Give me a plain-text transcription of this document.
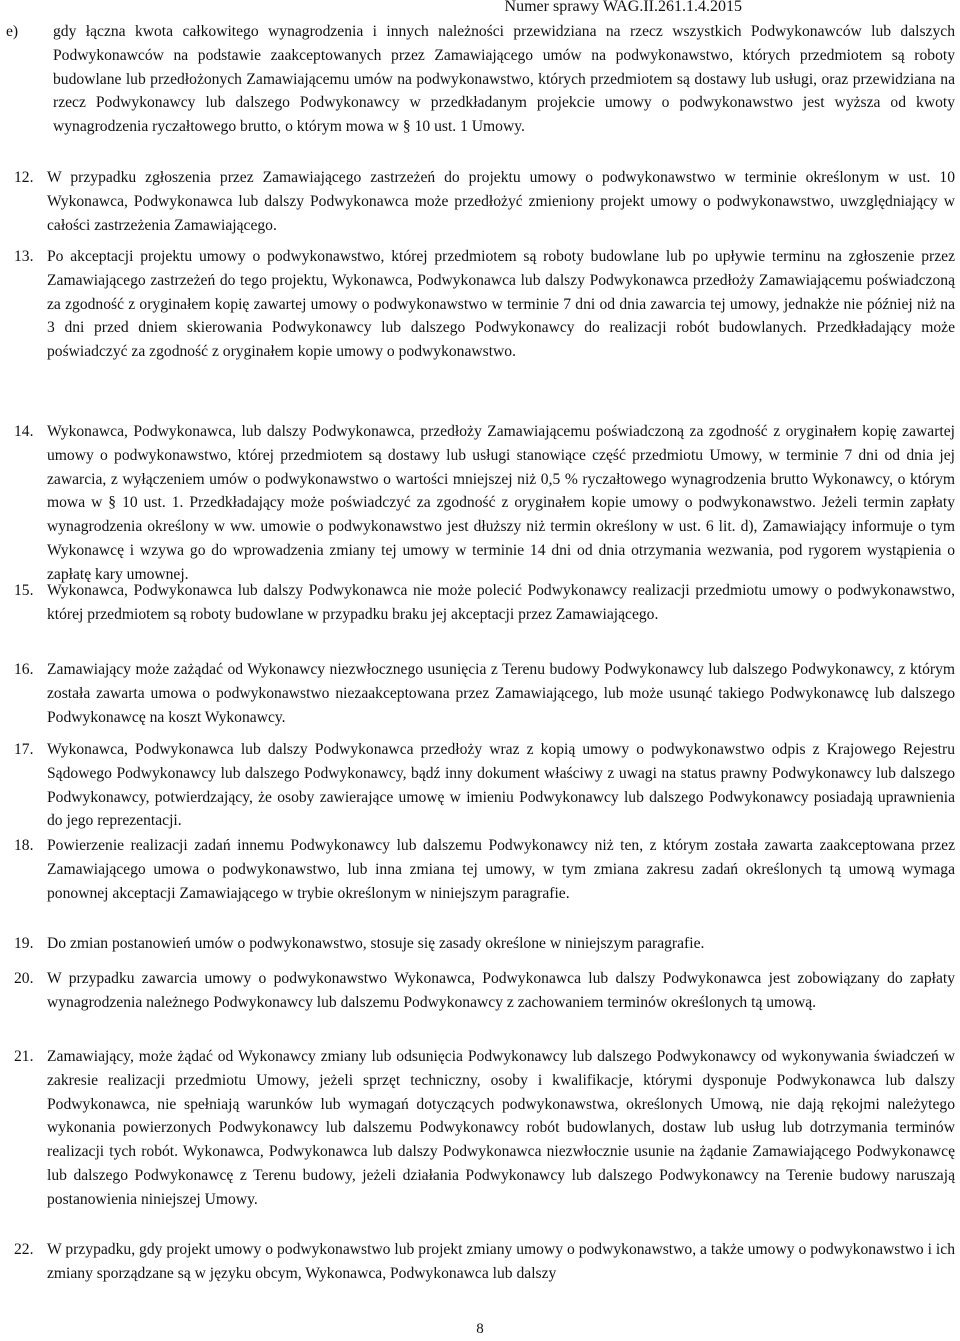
Numer sprawy WAG.II.261.1.4.2015
e) gdy łączna kwota całkowitego wynagrodzenia i innych należności przewidziana na rzecz wszystkich Podwykonawców lub dalszych Podwykonawców na podstawie zaakceptowanych przez Zamawiającego umów na podwykonawstwo, których przedmiotem są roboty budowlane lub przedłożonych Zamawiającemu umów na podwykonawstwo, których przedmiotem są dostawy lub usługi, oraz przewidziana na rzecz Podwykonawcy lub dalszego Podwykonawcy w przedkładanym projekcie umowy o podwykonawstwo jest wyższa od kwoty wynagrodzenia ryczałtowego brutto, o którym mowa w § 10 ust. 1 Umowy.
12. W przypadku zgłoszenia przez Zamawiającego zastrzeżeń do projektu umowy o podwykonawstwo w terminie określonym w ust. 10 Wykonawca, Podwykonawca lub dalszy Podwykonawca może przedłożyć zmieniony projekt umowy o podwykonawstwo, uwzględniający w całości zastrzeżenia Zamawiającego.
13. Po akceptacji projektu umowy o podwykonawstwo, której przedmiotem są roboty budowlane lub po upływie terminu na zgłoszenie przez Zamawiającego zastrzeżeń do tego projektu, Wykonawca, Podwykonawca lub dalszy Podwykonawca przedłoży Zamawiającemu poświadczoną za zgodność z oryginałem kopię zawartej umowy o podwykonawstwo w terminie 7 dni od dnia zawarcia tej umowy, jednakże nie później niż na 3 dni przed dniem skierowania Podwykonawcy lub dalszego Podwykonawcy do realizacji robót budowlanych. Przedkładający może poświadczyć za zgodność z oryginałem kopie umowy o podwykonawstwo.
14. Wykonawca, Podwykonawca, lub dalszy Podwykonawca, przedłoży Zamawiającemu poświadczoną za zgodność z oryginałem kopię zawartej umowy o podwykonawstwo, której przedmiotem są dostawy lub usługi stanowiące część przedmiotu Umowy, w terminie 7 dni od dnia jej zawarcia, z wyłączeniem umów o podwykonawstwo o wartości mniejszej niż 0,5 % ryczałtowego wynagrodzenia brutto Wykonawcy, o którym mowa w § 10 ust. 1. Przedkładający może poświadczyć za zgodność z oryginałem kopie umowy o podwykonawstwo. Jeżeli termin zapłaty wynagrodzenia określony w ww. umowie o podwykonawstwo jest dłuższy niż termin określony w ust. 6 lit. d), Zamawiający informuje o tym Wykonawcę i wzywa go do wprowadzenia zmiany tej umowy w terminie 14 dni od dnia otrzymania wezwania, pod rygorem wystąpienia o zapłatę kary umownej.
15. Wykonawca, Podwykonawca lub dalszy Podwykonawca nie może polecić Podwykonawcy realizacji przedmiotu umowy o podwykonawstwo, której przedmiotem są roboty budowlane w przypadku braku jej akceptacji przez Zamawiającego.
16. Zamawiający może zażądać od Wykonawcy niezwłocznego usunięcia z Terenu budowy Podwykonawcy lub dalszego Podwykonawcy, z którym została zawarta umowa o podwykonawstwo niezaakceptowana przez Zamawiającego, lub może usunąć takiego Podwykonawcę lub dalszego Podwykonawcę na koszt Wykonawcy.
17. Wykonawca, Podwykonawca lub dalszy Podwykonawca przedłoży wraz z kopią umowy o podwykonawstwo odpis z Krajowego Rejestru Sądowego Podwykonawcy lub dalszego Podwykonawcy, bądź inny dokument właściwy z uwagi na status prawny Podwykonawcy lub dalszego Podwykonawcy, potwierdzający, że osoby zawierające umowę w imieniu Podwykonawcy lub dalszego Podwykonawcy posiadają uprawnienia do jego reprezentacji.
18. Powierzenie realizacji zadań innemu Podwykonawcy lub dalszemu Podwykonawcy niż ten, z którym została zawarta zaakceptowana przez Zamawiającego umowa o podwykonawstwo, lub inna zmiana tej umowy, w tym zmiana zakresu zadań określonych tą umową wymaga ponownej akceptacji Zamawiającego w trybie określonym w niniejszym paragrafie.
19. Do zmian postanowień umów o podwykonawstwo, stosuje się zasady określone w niniejszym paragrafie.
20. W przypadku zawarcia umowy o podwykonawstwo Wykonawca, Podwykonawca lub dalszy Podwykonawca jest zobowiązany do zapłaty wynagrodzenia należnego Podwykonawcy lub dalszemu Podwykonawcy z zachowaniem terminów określonych tą umową.
21. Zamawiający, może żądać od Wykonawcy zmiany lub odsunięcia Podwykonawcy lub dalszego Podwykonawcy od wykonywania świadczeń w zakresie realizacji przedmiotu Umowy, jeżeli sprzęt techniczny, osoby i kwalifikacje, którymi dysponuje Podwykonawca lub dalszy Podwykonawca, nie spełniają warunków lub wymagań dotyczących podwykonawstwa, określonych Umową, nie dają rękojmi należytego wykonania powierzonych Podwykonawcy lub dalszemu Podwykonawcy robót budowlanych, dostaw lub usług lub dotrzymania terminów realizacji tych robót. Wykonawca, Podwykonawca lub dalszy Podwykonawca niezwłocznie usunie na żądanie Zamawiającego Podwykonawcę lub dalszego Podwykonawcę z Terenu budowy, jeżeli działania Podwykonawcy lub dalszego Podwykonawcy na Terenie budowy naruszają postanowienia niniejszej Umowy.
22. W przypadku, gdy projekt umowy o podwykonawstwo lub projekt zmiany umowy o podwykonawstwo, a także umowy o podwykonawstwo i ich zmiany sporządzane są w języku obcym, Wykonawca, Podwykonawca lub dalszy
8
